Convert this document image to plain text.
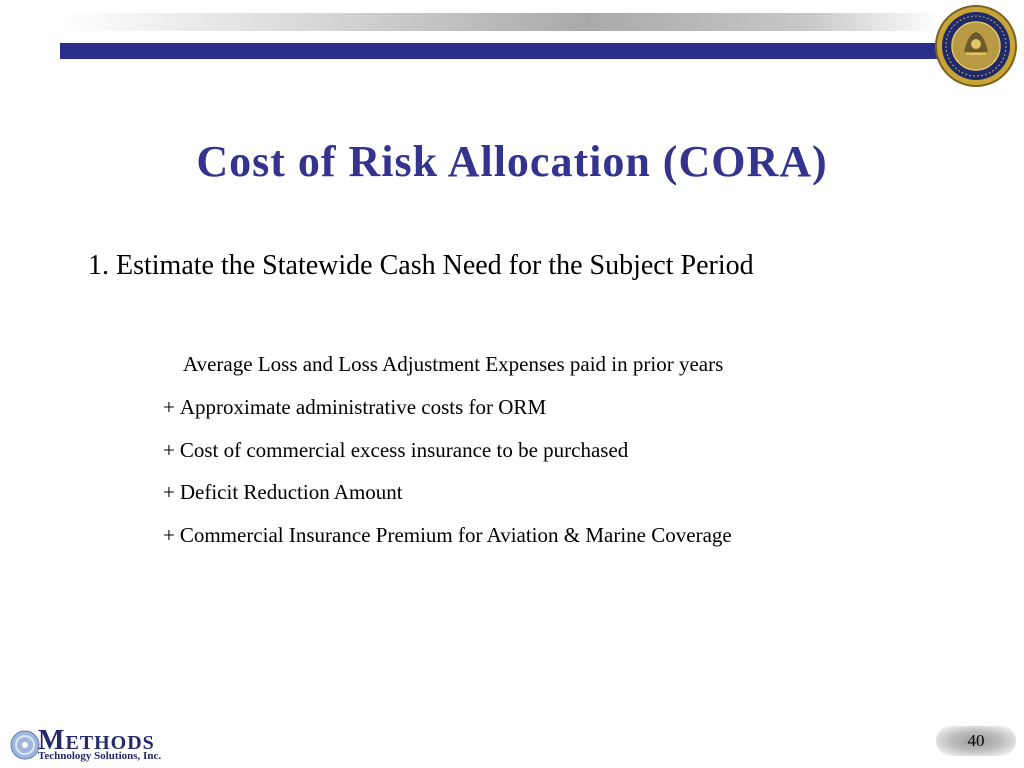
Cost of Risk Allocation (CORA)
1. Estimate the Statewide Cash Need for the Subject Period
Average Loss and Loss Adjustment Expenses paid in prior years
+ Approximate administrative costs for ORM
+ Cost of commercial excess insurance to be purchased
+ Deficit Reduction Amount
+ Commercial Insurance Premium for Aviation & Marine Coverage
METHODS
Technology Solutions, Inc.
40
